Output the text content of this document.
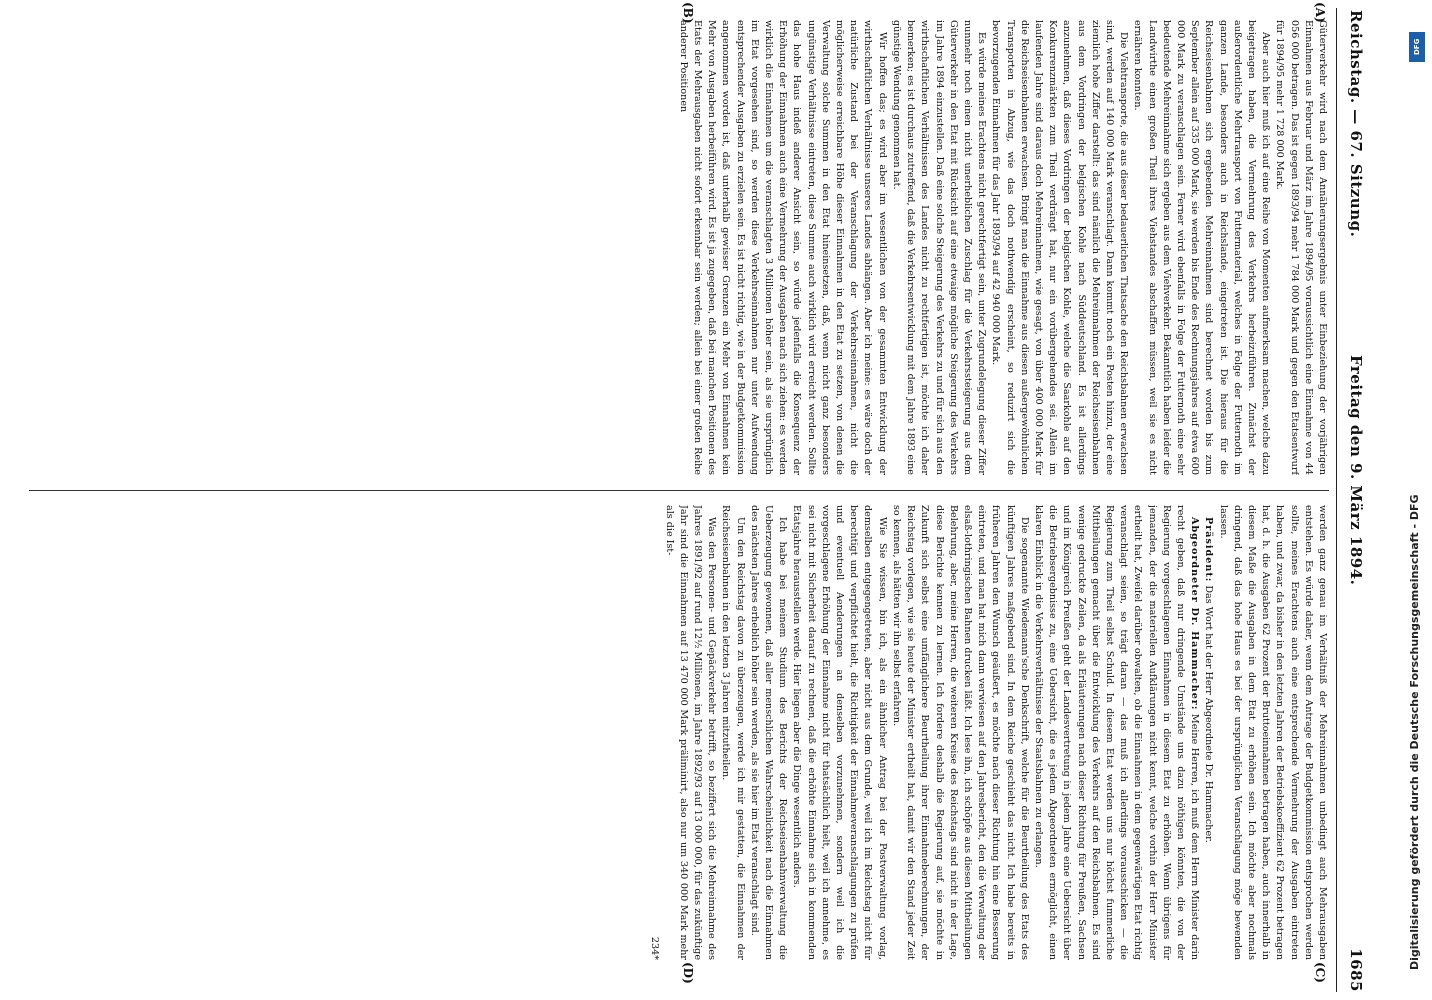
Reichstag. — 67. Sitzung.
Freitag den 9. März 1894.
1685
(A)
(B)
(C)
(D)

Güterverkehr wird nach dem Annäherungsergebnis unter Einbeziehung der vorjährigen Einnahmen aus Februar und März im Jahre 1894/95 voraussichtlich eine Einnahme von 44 056 000 betragen. Das ist gegen 1893/94 mehr 1 784 000 Mark und gegen den Etatsentwurf für 1894/95 mehr 1 728 000 Mark.

Aber auch hier muß ich auf eine Reihe von Momenten aufmerksam machen, welche dazu beigetragen haben, die Vermehrung des Verkehrs herbeizuführen. Zunächst der außerordentliche Mehrtransport von Futtermaterial, welches in Folge der Futternoth im ganzen Lande, besonders auch in Reichslande, eingetreten ist. Die hieraus für die Reichseisenbahnen sich ergebenden Mehreinnahmen sind berechnet worden bis zum September allein auf 335 000 Mark, sie werden bis Ende des Rechnungsjahres auf etwa 600 000 Mark zu veranschlagen sein. Ferner wird ebenfalls in Folge der Futternoth eine sehr bedeutende Mehreinnahme sich ergeben aus dem Viehverkehr. Bekanntlich haben leider die Landwirthe einen großen Theil ihres Viehstandes abschaffen müssen, weil sie es nicht ernähren konnten.

Die Viehtransporte, die aus dieser bedauerlichen Thatsache den Reichsbahnen erwachsen sind, werden auf 140 000 Mark veranschlagt. Dann kommt noch ein Posten hinzu, der eine ziemlich hohe Ziffer darstellt: das sind nämlich die Mehreinnahmen der Reichseisenbahnen aus dem Vordringen der belgischen Kohle nach Süddeutschland. Es ist allerdings anzunehmen, daß dieses Vordringen der belgischen Kohle, welche die Saarkohle auf den Konkurrenzmärkten zum Theil verdrängt hat, nur ein vorübergehendes sei. Allein im laufenden Jahre sind daraus doch Mehreinnahmen, wie gesagt, von über 400 000 Mark für die Reichseisenbahnen erwachsen. Bringt man die Einnahme aus diesen außergewöhnlichen Transporten in Abzug, wie das doch nothwendig erscheint, so reduzirt sich die bevorzugenden Einnahmen für das Jahr 1893/94 auf 42 940 000 Mark.

Es würde meines Erachtens nicht gerechtfertigt sein, unter Zugrundelegung dieser Ziffer nunmehr noch einen nicht unerheblichen Zuschlag für die Verkehrssteigerung aus dem Güterverkehr in den Etat mit Rücksicht auf eine etwaige mögliche Steigerung des Verkehrs im Jahre 1894 einzustellen. Daß eine solche Steigerung des Verkehrs zu und für sich aus den wirthschaftlichen Verhältnissen des Landes nicht zu rechtfertigen ist, möchte ich daher bemerken; es ist durchaus zutreffend, daß die Verkehrsentwicklung mit dem Jahre 1893 eine günstige Wendung genommen hat.

Wir hoffen das; es wird aber im wesentlichen von der gesammten Entwicklung der wirthschaftlichen Verhältnisse unseres Landes abhängen. Aber ich meine: es wäre doch der natürliche Zustand bei der Veranschlagung der Verkehrseinnahmen, nicht die möglicherweise erreichbare Höhe dieser Einnahmen in den Etat zu setzen, von denen die Verwaltung solche Summen in den Etat hineinsetzen, daß, wenn nicht ganz besonders ungünstige Verhältnisse eintreten, diese Summe auch wirklich wird erreicht werden. Sollte das hohe Haus indeß anderer Ansicht sein, so würde jedenfalls die Konsequenz der Erhöhung der Einnahmen auch eine Vermehrung der Ausgaben nach sich ziehen: es werden wirklich die Einnahmen um die veranschlagten 3 Millionen höher sein, als sie ursprünglich im Etat vorgesehen sind, so werden diese Verkehrseinnahmen nur unter Aufwendung entsprechender Ausgaben zu erzielen sein. Es ist nicht richtig, wie in der Budgetkommission angenommen worden ist, daß unterhalb gewisser Grenzen ein Mehr von Einnahmen kein Mehr von Ausgaben herbeiführen wird. Es ist ja zugegeben, daß bei manchen Positionen des Etats der Mehrausgaben nicht sofort erkennbar sein werden; allein bei einer großen Reihe anderer Positionen

werden ganz genau im Verhältniß der Mehreinnahmen unbedingt auch Mehrausgaben entstehen. Es würde daher, wenn dem Antrage der Budgetkommission entsprochen werden sollte, meines Erachtens auch eine entsprechende Vermehrung der Ausgaben eintreten haben, und zwar, da bisher in den letzten Jahren der Betriebskoeffizient 62 Prozent betragen hat, d. h. die Ausgaben 62 Prozent der Bruttoeinnahmen betragen haben, auch innerhalb in diesem Maße die Ausgaben in dem Etat zu erhöhen sein. Ich möchte aber nochmals dringend, daß das hohe Haus es bei der ursprünglichen Veranschlagung möge bewenden lassen.

Präsident: Das Wort hat der Herr Abgeordnete Dr. Hammacher.

Abgeordneter Dr. Hammacher: Meine Herren, ich muß dem Herrn Minister darin recht geben, daß nur dringende Umstände uns dazu nöthigen könnten, die von der Regierung vorgeschlagenen Einnahmen in diesem Etat zu erhöhen. Wenn übrigens für jemanden, der die materiellen Aufklärungen nicht kennt, welche vorhin der Herr Minister ertheilt hat, Zweifel darüber obwalten, ob die Einnahmen in dem gegenwärtigen Etat richtig veranschlagt seien, so trägt daran — das muß ich allerdings vorausschicken — die Regierung zum Theil selbst Schuld. In diesem Etat werden uns nur höchst fummerliche Mittheilungen gemacht über die Entwicklung des Verkehrs auf den Reichsbahnen. Es sind wenige gedruckte Zeilen, da als Erläuterungen nach dieser Richtung für Preußen, Sachsen und im Königreich Preußen geht der Landesvertretung in jedem Jahre eine Uebersicht über die Betriebsergebnisse zu, eine Uebersicht, die es jedem Abgeordneten ermöglicht, einen klaren Einblick in die Verkehrsverhältnisse der Staatsbahnen zu erlangen.

Die sogenannte Wiedemann'sche Denkschrift, welche für die Beurtheilung des Etats des künftigen Jahres maßgebend sind. In dem Reiche geschieht das nicht. Ich habe bereits in früheren Jahren den Wunsch geäußert, es möchte nach dieser Richtung hin eine Besserung eintreten, und man hat mich dann verwiesen auf den Jahresbericht, den die Verwaltung der elsaß-lothringischen Bahnen drucken läßt. Ich lese ihn, ich schöpfe aus diesen Mittheilungen Belehrung, aber, meine Herren, die weiteren Kreise des Reichstags sind nicht in der Lage, diese Berichte kennen zu lernen. Ich fordere deshalb die Regierung auf, sie möchte in Zukunft sich selbst eine umfänglichere Beurtheilung ihrer Einnahmeberechnungen, der Reichstag vorlegen, wie sie heute der Minister ertheilt hat, damit wir den Stand jeder Zeit so kennen, als hätten wir ihn selbst erfahren.

Wie Sie wissen, bin ich, als ein ähnlicher Antrag bei der Postverwaltung vorlag, demselben entgegengetreten, aber nicht aus dem Grunde, weil ich im Reichstag nicht für berechtigt und verpflichtet hielt, die Richtigkeit der Einnahmeveranschlagungen zu prüfen und eventuell Aenderungen an denselben vorzunehmen, sondern weil ich die vorgeschlagene Erhöhung der Einnahme nicht für thatsächlich hielt, weil ich annehme, es sei nicht mit Sicherheit darauf zu rechnen, daß die erhöhte Einnahme sich in kommenden Etatsjahre herausstellen werde. Hier liegen aber die Dinge wesentlich anders.

Ich habe bei meinem Studium des Berichts der Reichseisenbahnverwaltung die Ueberzeugung gewonnen, daß aller menschlichen Wahrscheinlichkeit nach die Einnahmen des nächsten Jahres erheblich höher sein werden, als sie hier im Etat veranschlagt sind.

Um den Reichstag davon zu überzeugen, werde ich mir gestatten, die Einnahmen der Reichseisenbahnen in den letzten 3 Jahren mitzutheilen.

Was den Personen- und Gepäckverkehr betrifft, so beziffert sich die Mehreinnahme des Jahres 1891/92 auf rund 12½ Millionen, im Jahre 1892/93 auf 13 000 000, für das zukünftige Jahr sind die Einnahmen auf 13 470 000 Mark präliminirt, also nur um 340 000 Mark mehr als die Ist-

234*

DFG
Digitalisierung gefördert durch die Deutsche Forschungsgemeinschaft - DFG
